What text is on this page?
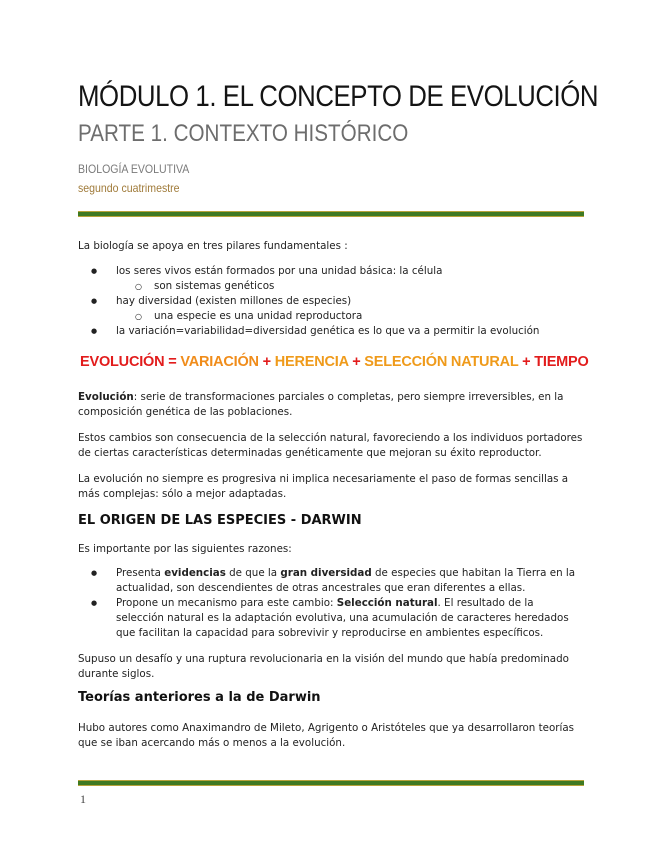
MÓDULO 1. EL CONCEPTO DE EVOLUCIÓN
PARTE 1. CONTEXTO HISTÓRICO
BIOLOGÍA EVOLUTIVA
segundo cuatrimestre
La biología se apoya en tres pilares fundamentales :
● los seres vivos están formados por una unidad básica: la célula
○ son sistemas genéticos
● hay diversidad (existen millones de especies)
○ una especie es una unidad reproductora
● la variación=variabilidad=diversidad genética es lo que va a permitir la evolución
EVOLUCIÓN = VARIACIÓN + HERENCIA + SELECCIÓN NATURAL + TIEMPO
Evolución: serie de transformaciones parciales o completas, pero siempre irreversibles, en la composición genética de las poblaciones.
Estos cambios son consecuencia de la selección natural, favoreciendo a los individuos portadores de ciertas características determinadas genéticamente que mejoran su éxito reproductor.
La evolución no siempre es progresiva ni implica necesariamente el paso de formas sencillas a más complejas: sólo a mejor adaptadas.
EL ORIGEN DE LAS ESPECIES - DARWIN
Es importante por las siguientes razones:
● Presenta evidencias de que la gran diversidad de especies que habitan la Tierra en la actualidad, son descendientes de otras ancestrales que eran diferentes a ellas.
● Propone un mecanismo para este cambio: Selección natural. El resultado de la selección natural es la adaptación evolutiva, una acumulación de caracteres heredados que facilitan la capacidad para sobrevivir y reproducirse en ambientes específicos.
Supuso un desafío y una ruptura revolucionaria en la visión del mundo que había predominado durante siglos.
Teorías anteriores a la de Darwin
Hubo autores como Anaximandro de Mileto, Agrigento o Aristóteles que ya desarrollaron teorías que se iban acercando más o menos a la evolución.
1
